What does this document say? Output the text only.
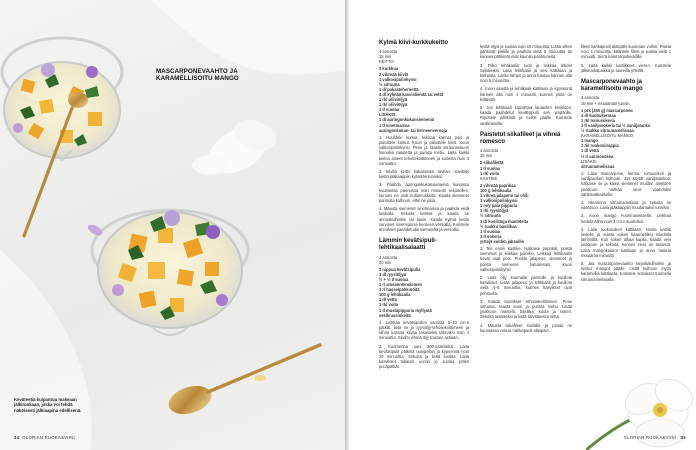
MASCARPONEVAAHTO JA KARAMELLISOITU MANGO
Keväteetiä kuipantuu makeaan jälkiruokaan, joska voi tehdä näköisesti jälkiaapina edellisenä.
34 GLORIAN RUOKA&VIINI
Kylmä kiivi-kurkkukeitto
4 annosta
15 min
KEITTO
2 kurkkua
2 vihreää kiiviä
1 valkosipulinkynsi
½ sitruuna
1 dl pakastehernettä
4 dl kylmää kasvisliemtä tai vettä
1 rkl oliiviöljyä
1 rkl oliiviöljyä
1 tl suolaa
LISÄKSI
1 dl auringonkukansiemeniä
1 tl sinetmaissa
auringonkukan- tai herneenversoja

1. Huuhtele kurkut, leikkaa kannat pois ja paloittele kurkut. Kuori ja paloittele kiivit. Kuori valkosipulinkynsi. Pese ja raasta sitruunankuori hienoksi raastetta ja purista mehu. Laita kaikki keiton aineet tehosekoittimeen ja sosesta noin 3 minuuttia.

2. Siivilöi keitto halutessasi siivilän. Siivilöity keitto jääkaappiin kylmään tunniksi.

3. Paahda auringonkukansiemeniä kuivassa kuumassa pannussa noin minuutti sekoitellen, kunnes ne ovat kullanruskeita. Kaada siemenet pannulta kulhoon, ettei ne pala.

4. Mausta siemenet sinetmaissa ja paahda vielä lusikalla. Sekoita keittoa ja kaada se annoskulhoihin tai lasiin. Kaada kylmä keitto varvoset sinetmaissa herneen versoilla. Koristele annokset paahdetuilla siemenillä ja versoilla.

Lämmin kevätsipuli-lehtikaalisalaatti
4 annosta
20 min
2 nippua kevätsipulia
3 dl ryysiöljyä
½ + ½ tl suolaa
1 rl ameannöinsiemen
1 rl hasselpähkinöitä
100 g lehtikaalia
1 dl vettä
1 rkl voita
1 tl mustapippuria myllystä
vesikrassinkeitä

1. Leikkaa kevätsipulien varsista 5–10 cm:n pätkät, laita ne jo ryysiöljy-tehosekoittimeen ja tahna kanssa kiivaa tasaiseksi tahnaksi noin 4 minuuttia. Siivilöi vihreä öljy toiseen astiaan.

2. Kuumenna uuni 200-asteiseksi. Laita kevätsipulit pätkinä uunipeltiin ja kypsennä noin 10 minuuttia. Sekoita ja lisää suolaa. Laita kasvikset takaisin uuniin ja suolaa pötkö puolipätkät.

levitä öljyä ja suolaa noin 10 minuuttia. Lisää sitten pähkinät pellille ja paahda vielä 5 minuuttia tai kunnes pähkinät ovat kauniin paahtuneita.

3. Pilko lehtikaalin ruoti ja leikkaa lehdet suikaleiksi. Laita lehtikaali ja vesi kattilaan ja kiehauta. Laske lämpö ja anna hautua kannen alla noin 5 minuuttia.

4. Kuori aluetta ja lehtikaali kattilaan ja kypsennä kannen alla noin 1 minuutti, kunnes pinta on kiiltävää.

5. Jos lehtikaali kasvattaa lautasten keskiöön, kaada paahdetut kevätsipulit sen ympärille. Ripottele pähkinät ja ruohit päälle. Koristele vesikrassilla.

Paistetut siikafileet ja vihreä romesco
4 annosta
25 min
2 siikafilettä
1 tl suolaa
1 rkl voita
KASTIKE
2 vihreää paprikaa
100 g lehtikaalia
1 vihreä jalapeno tai chili
1 valkosipulinkynsi
1 rs/y pala pippuria
1 rkl ryysiöljyä
½ sitruuna
1 dl kuorittuja manteleita
½ ruukku basilikaa
1 tl suolaa
1 tl sokeria
yrttejä soiden jaksoille

1. Tee ensin kastike. Halkaise paprikat, poista siemenet ja leikkaa paloiksi. Leikkaa lehtikaalin kovat osat pois. Puolita jalapeno, siemenet ja poista siemenet halutessasi. Kuori valkosipulinkynsi.

2. Laita öljy kuumalle pannulle ja kuullota kasvikset. Lisää jalapeno ja lehtikaali ja kuullota vielä 4–5 minuuttia, kunnes kasvikset ovat pehmeitä.

3. Kaada kasvikset tehosekoittimeen. Pese sitruuna, raasta kuori ja purista mehu. Lisää joukkoon mantelit, basilika, suola ja sokeri. Sekoita tasaiseksi ja lisää tarvittaessa vettä.

4. Mausta siikafileet suolalla ja paista ne kuumassa voissa nahkapuoli alaspäin.

fileet nahkapuoli alaspäin kuumaan voihin. Paista noin 4 minuuttia, kääntele fileet ja paista vielä 1 minuutti. Siirrä kalat tarjoiluvadille.

5. Laita kaikki kastikkeet vieren. Koristele jälkiruokapaikka ja tuoreilla yrteillä.

Mascarponevaahto ja karamellisoitu mango
4 annosta
15 min + muutaman tunnin
1 prk (250 g) mascarponea
1 dl kuohukermaa
1 rkl tomusokeria
1 tl vaniljasokeria tai ½ vaniljatanko
½ ruukku sitruunamelissaa
KARAMELLISOITU MANGO
1 mango
1 rkl ruokosiirappia
1 dl vettä
½ rl aarniosokea
LISÄKSI
sitruunamelissaa

1. Laita mascarpone, kerma, tomusokeri ja vaniljasokeri kulhoon. Jos käytät vaniljatankoa, halkaise se ja kaavi siemenet muiden aineiden joukkoon. Vatkaa seos vaahdoksi sähkövatkaimella.

2. Hienonna sitruunamelissa ja sekoita se vaahtoon. Laita jääkaappiin muutamaksi tunniksi.

3. Kuori mango kuorimaveitsellä. Leikkaa hedelmäliha noin 2 cm:n kuutioiksi.

4. Laita ruokosokeri kattilaan. Nosta kattila liedelle ja sulata sokeri karamelliksi miedolla lämmöllä. Kun sokeri alkaa kuplia, kaada vesi joukkoon ja sekoita, kunnes seos on tasaista. Laita mangokuutiot kattilaan ja anna hautua muutama minuutti.

5. Jaa mascarponevaahto tarjoilukulhoihin ja lusikoi mangot päälle. Lisää kulhoon myös karamellia kattilasta. Koristele annokset tuoreella sitruunamelissalla.

GLORIAN RUOKA&VIINI 35
